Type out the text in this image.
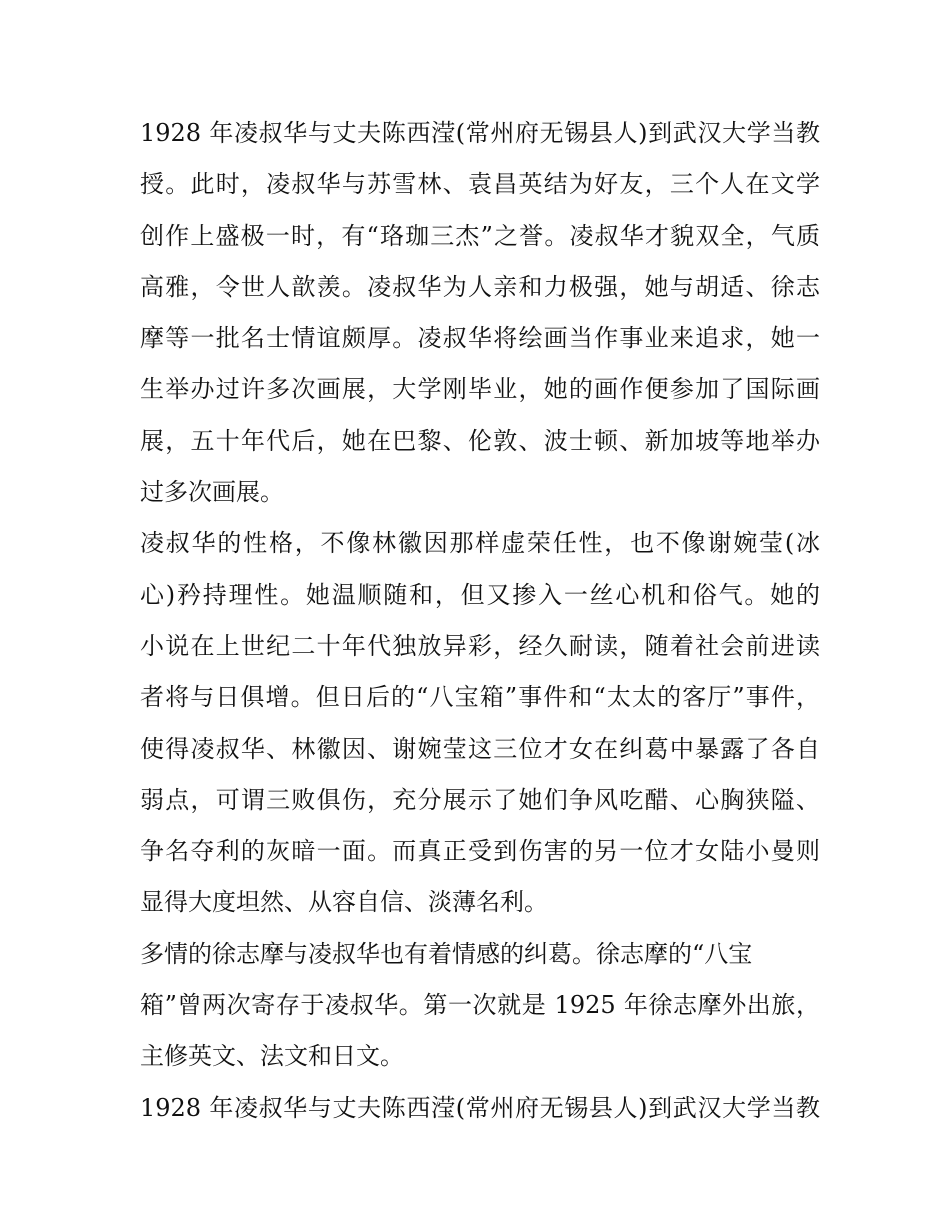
1928 年凌叔华与丈夫陈西滢(常州府无锡县人)到武汉大学当教
授。此时，凌叔华与苏雪林、袁昌英结为好友，三个人在文学
创作上盛极一时，有“珞珈三杰”之誉。凌叔华才貌双全，气质
高雅，令世人歆羡。凌叔华为人亲和力极强，她与胡适、徐志
摩等一批名士情谊颇厚。凌叔华将绘画当作事业来追求，她一
生举办过许多次画展，大学刚毕业，她的画作便参加了国际画
展，五十年代后，她在巴黎、伦敦、波士顿、新加坡等地举办
过多次画展。
凌叔华的性格，不像林徽因那样虚荣任性，也不像谢婉莹(冰
心)矜持理性。她温顺随和，但又掺入一丝心机和俗气。她的
小说在上世纪二十年代独放异彩，经久耐读，随着社会前进读
者将与日俱增。但日后的“八宝箱”事件和“太太的客厅”事件，
使得凌叔华、林徽因、谢婉莹这三位才女在纠葛中暴露了各自
弱点，可谓三败俱伤，充分展示了她们争风吃醋、心胸狭隘、
争名夺利的灰暗一面。而真正受到伤害的另一位才女陆小曼则
显得大度坦然、从容自信、淡薄名利。
多情的徐志摩与凌叔华也有着情感的纠葛。徐志摩的“八宝
箱”曾两次寄存于凌叔华。第一次就是 1925 年徐志摩外出旅，
主修英文、法文和日文。
1928 年凌叔华与丈夫陈西滢(常州府无锡县人)到武汉大学当教
